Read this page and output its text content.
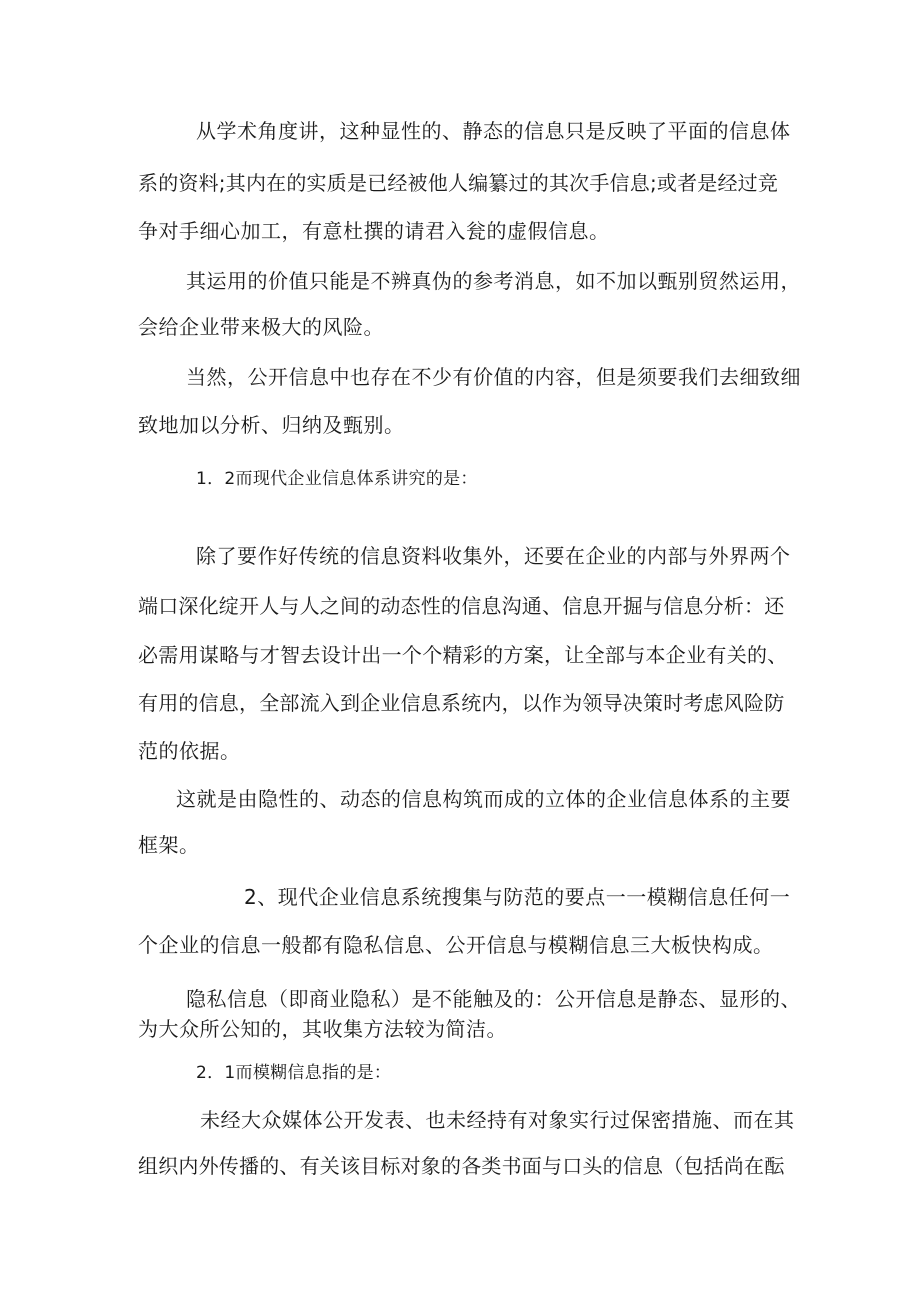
从学术角度讲，这种显性的、静态的信息只是反映了平面的信息体
系的资料;其内在的实质是已经被他人编纂过的其次手信息;或者是经过竞
争对手细心加工，有意杜撰的请君入瓮的虚假信息。
其运用的价值只能是不辨真伪的参考消息，如不加以甄别贸然运用，
会给企业带来极大的风险。
当然，公开信息中也存在不少有价值的内容，但是须要我们去细致细
致地加以分析、归纳及甄别。
1．2而现代企业信息体系讲究的是：
除了要作好传统的信息资料收集外，还要在企业的内部与外界两个
端口深化绽开人与人之间的动态性的信息沟通、信息开掘与信息分析：还
必需用谋略与才智去设计出一个个精彩的方案，让全部与本企业有关的、
有用的信息，全部流入到企业信息系统内，以作为领导决策时考虑风险防
范的依据。
这就是由隐性的、动态的信息构筑而成的立体的企业信息体系的主要
框架。
2、现代企业信息系统搜集与防范的要点一一模糊信息任何一
个企业的信息一般都有隐私信息、公开信息与模糊信息三大板快构成。
隐私信息（即商业隐私）是不能触及的：公开信息是静态、显形的、
为大众所公知的，其收集方法较为简洁。
2．1而模糊信息指的是：
未经大众媒体公开发表、也未经持有对象实行过保密措施、而在其
组织内外传播的、有关该目标对象的各类书面与口头的信息（包括尚在酝
